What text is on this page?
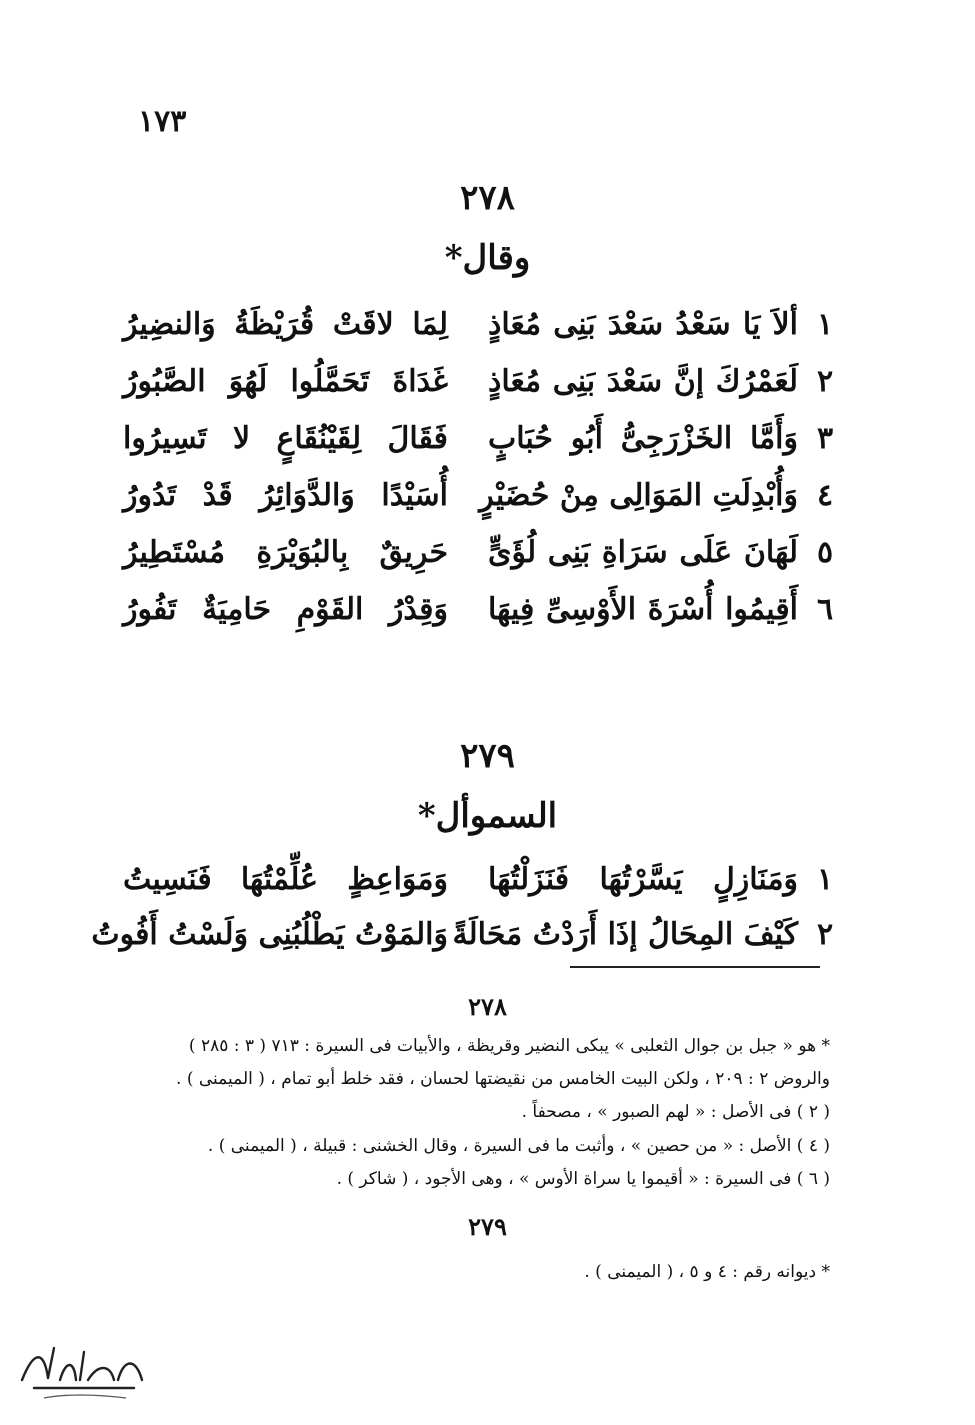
١٧٣
٢٧٨
وقال*
١
ألاَ يَا سَعْدُ سَعْدَ بَنِى مُعَاذٍ
لِمَا لاقَتْ قُرَيْظَةُ وَالنضِيرُ
٢
لَعَمْرُكَ إنَّ سَعْدَ بَنِى مُعَاذٍ
غَدَاةَ تَحَمَّلُوا لَهُوَ الصَّبُورُ
٣
وَأَمَّا الخَزْرَجِىُّ أَبُو حُبَابٍ
فَقَالَ لِقَيْنُقَاعٍ لا تَسِيرُوا
٤
وَأُبْدِلَتِ المَوَالِى مِنْ حُضَيْرٍ
أُسَيْدًا وَالدَّوَائِرُ قَدْ تَدُورُ
٥
لَهَانَ عَلَى سَرَاةِ بَنِى لُؤَىٍّ
حَرِيقٌ بِالبُوَيْرَةِ مُسْتَطِيرُ
٦
أَقِيمُوا أُسْرَةَ الأَوْسِىِّ فِيهَا
وَقِدْرُ القَوْمِ حَامِيَةٌ تَفُورُ
٢٧٩
السموأل*
١
وَمَنَازِلٍ يَسَّرْتُهَا فَنَزَلْتُهَا
وَمَوَاعِظٍ عُلِّمْتُهَا فَنَسِيتُ
٢
كَيْفَ المِحَالُ إذَا أَرَدْتُ مَحَالَةً
وَالمَوْتُ يَطْلُبُنِى وَلَسْتُ أَفُوتُ
٢٧٨
* هو « جبل بن جوال الثعلبى » يبكى النضير وقريظة ، والأبيات فى السيرة : ٧١٣ ( ٣ : ٢٨٥ )
والروض ٢ : ٢٠٩ ، ولكن البيت الخامس من نقيضتها لحسان ، فقد خلط أبو تمام ، ( الميمنى ) .
( ٢ ) فى الأصل : « لهم الصبور » ، مصحفاً .
( ٤ ) الأصل : « من حصين » ، وأثبت ما فى السيرة ، وقال الخشنى : قبيلة ، ( الميمنى ) .
( ٦ ) فى السيرة : « أقيموا يا سراة الأوس » ، وهى الأجود ، ( شاكر ) .
٢٧٩
* ديوانه رقم : ٤ و ٥ ، ( الميمنى ) .
